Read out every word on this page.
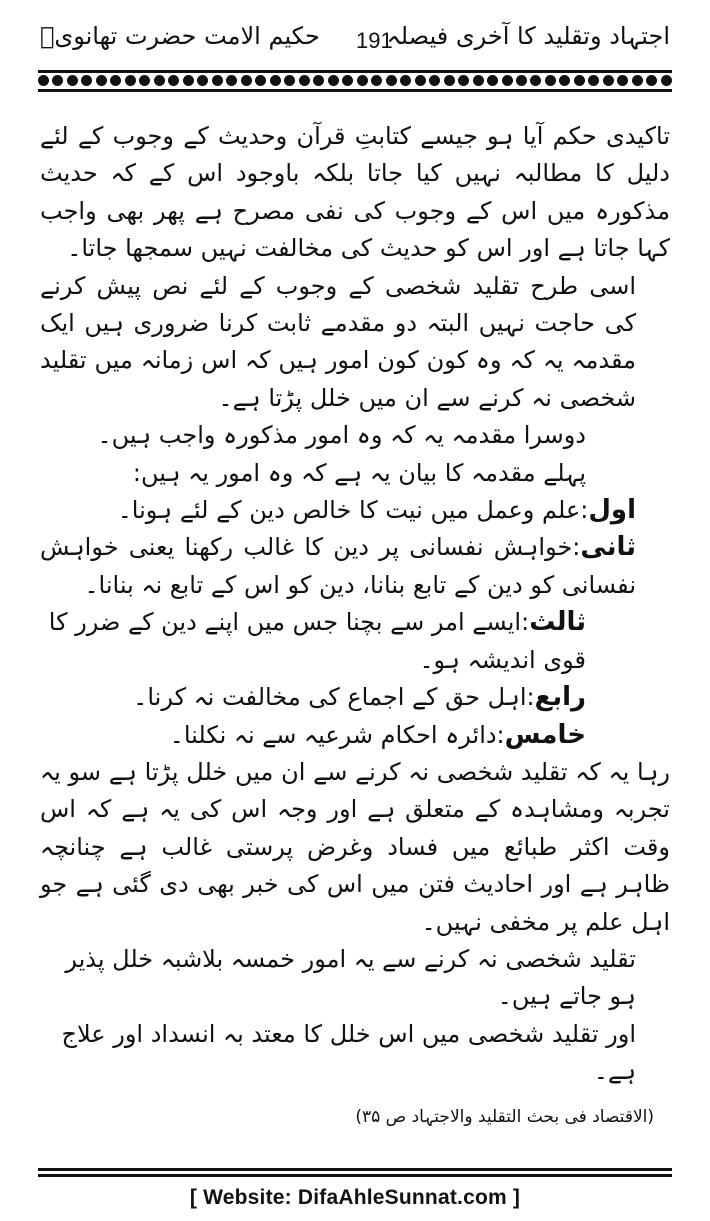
اجتہاد وتقلید کا آخری فیصلہ
191
حکیم الامت حضرت تھانویؒ

تاکیدی حکم آیا ہو جیسے کتابتِ قرآن وحدیث کے وجوب کے لئے دلیل کا مطالبہ نہیں کیا جاتا بلکہ باوجود اس کے کہ حدیث مذکورہ میں اس کے وجوب کی نفی مصرح ہے پھر بھی واجب کہا جاتا ہے اور اس کو حدیث کی مخالفت نہیں سمجھا جاتا۔

اسی طرح تقلید شخصی کے وجوب کے لئے نص پیش کرنے کی حاجت نہیں البتہ دو مقدمے ثابت کرنا ضروری ہیں ایک مقدمہ یہ کہ وہ کون کون امور ہیں کہ اس زمانہ میں تقلید شخصی نہ کرنے سے ان میں خلل پڑتا ہے۔

دوسرا مقدمہ یہ کہ وہ امور مذکورہ واجب ہیں۔

پہلے مقدمہ کا بیان یہ ہے کہ وہ امور یہ ہیں:

اول:علم وعمل میں نیت کا خالص دین کے لئے ہونا۔

ثانی:خواہش نفسانی پر دین کا غالب رکھنا یعنی خواہش نفسانی کو دین کے تابع بنانا، دین کو اس کے تابع نہ بنانا۔

ثالث:ایسے امر سے بچنا جس میں اپنے دین کے ضرر کا قوی اندیشہ ہو۔

رابع:اہل حق کے اجماع کی مخالفت نہ کرنا۔

خامس:دائرہ احکام شرعیہ سے نہ نکلنا۔

رہا یہ کہ تقلید شخصی نہ کرنے سے ان میں خلل پڑتا ہے سو یہ تجربہ ومشاہدہ کے متعلق ہے اور وجہ اس کی یہ ہے کہ اس وقت اکثر طبائع میں فساد وغرض پرستی غالب ہے چنانچہ ظاہر ہے اور احادیث فتن میں اس کی خبر بھی دی گئی ہے جو اہل علم پر مخفی نہیں۔

تقلید شخصی نہ کرنے سے یہ امور خمسہ بلاشبہ خلل پذیر ہو جاتے ہیں۔

اور تقلید شخصی میں اس خلل کا معتد بہ انسداد اور علاج ہے۔

(الاقتصاد فی بحث التقلید والاجتہاد ص ۳۵)

[ Website: DifaAhleSunnat.com ]
